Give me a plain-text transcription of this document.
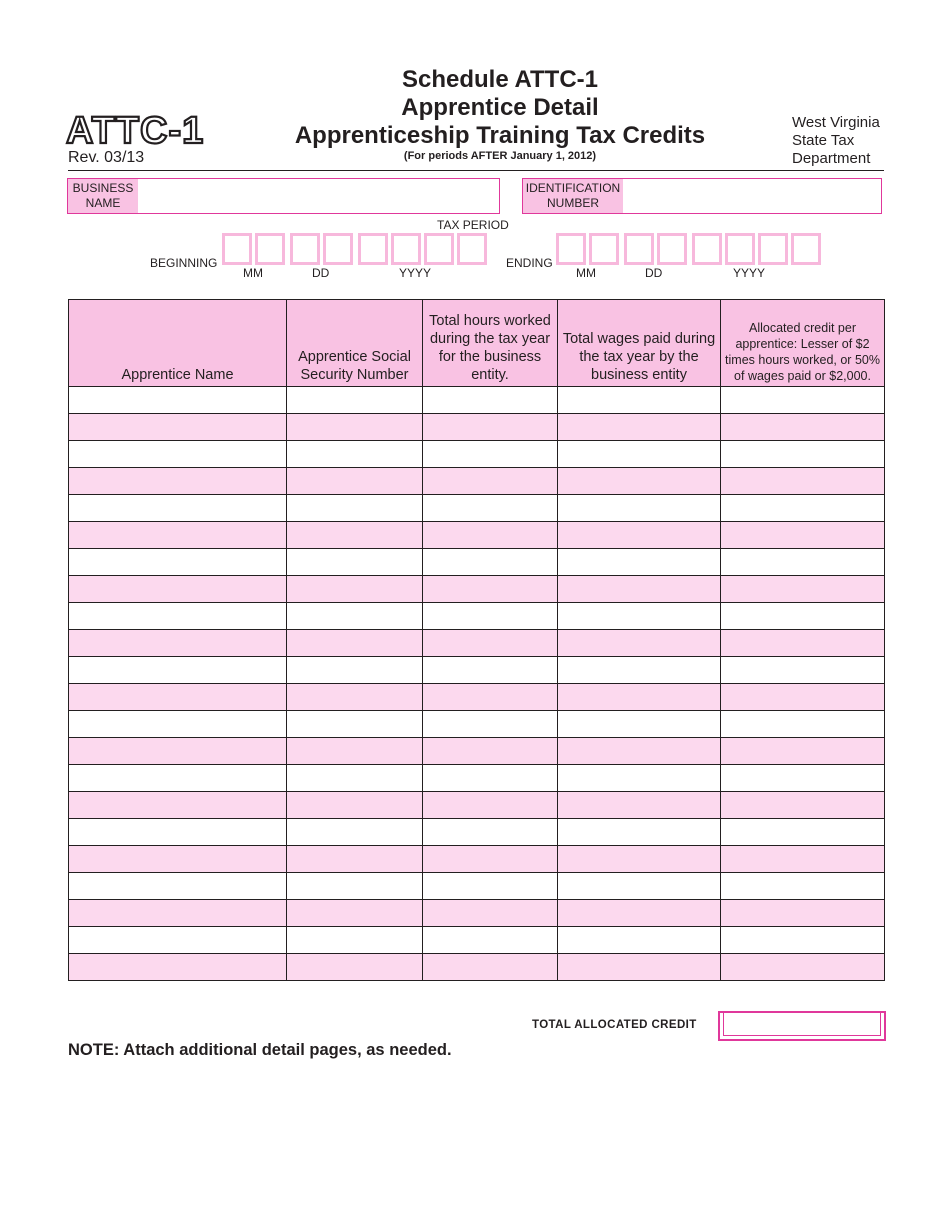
ATTC-1
Rev. 03/13
Schedule ATTC-1
Apprentice Detail
Apprenticeship Training Tax Credits
(For periods AFTER January 1, 2012)
West Virginia
State Tax
Department
BUSINESS
NAME
IDENTIFICATION
NUMBER
TAX PERIOD
BEGINNING	ENDING
MM	DD	YYYY	MM	DD	YYYY
Apprentice Name	Apprentice Social Security Number	Total hours worked during the tax year for the business entity.	Total wages paid during the tax year by the business entity	Allocated credit per apprentice: Lesser of $2 times hours worked, or 50% of wages paid or $2,000.

TOTAL ALLOCATED CREDIT
NOTE: Attach additional detail pages, as needed.
